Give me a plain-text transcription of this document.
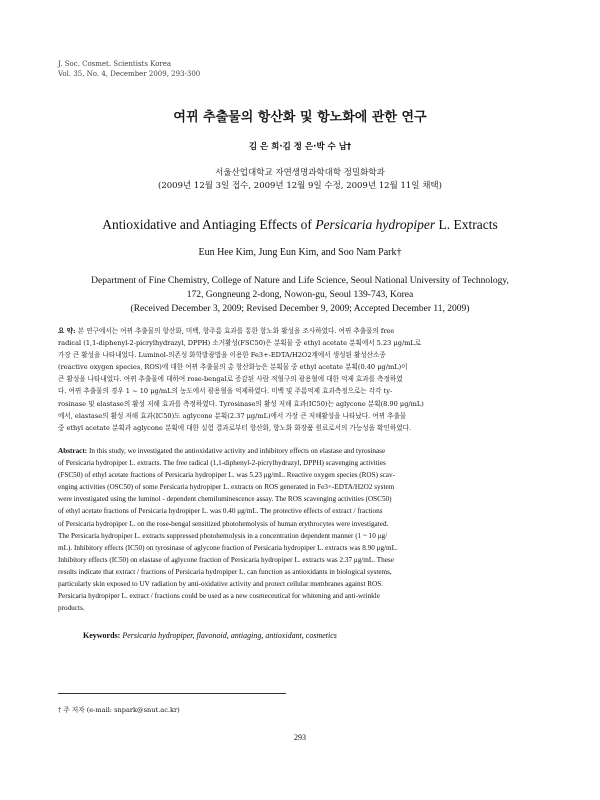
J. Soc. Cosmet. Scientists Korea
Vol. 35, No. 4, December 2009, 293-300
여뀌 추출물의 항산화 및 항노화에 관한 연구
김 은 희·김 정 은·박 수 남†
서울산업대학교 자연생명과학대학 정밀화학과
(2009년 12월 3일 접수, 2009년 12월 9일 수정, 2009년 12월 11일 채택)
Antioxidative and Antiaging Effects of Persicaria hydropiper L. Extracts
Eun Hee Kim, Jung Eun Kim, and Soo Nam Park†
Department of Fine Chemistry, College of Nature and Life Science, Seoul National University of Technology,
172, Gongneung 2-dong, Nowon-gu, Seoul 139-743, Korea
(Received December 3, 2009; Revised December 9, 2009; Accepted December 11, 2009)
요 약: 본 연구에서는 여뀌 추출물의 항산화, 미백, 항주름 효과를 통한 항노화 활성을 조사하였다. 여뀌 추출물의 free
radical (1,1-diphenyl-2-picrylhydrazyl, DPPH) 소거활성(FSC50)은 분획물 중 ethyl acetate 분획에서 5.23 μg/mL로
가장 큰 활성을 나타내었다. Luminol-의존성 화학발광법을 이용한 Fe3+-EDTA/H2O2계에서 생성된 활성산소종
(reactive oxygen species, ROS)에 대한 여뀌 추출물의 총 항산화능은 분획물 중 ethyl acetate 분획(0.40 μg/mL)이
큰 활성을 나타내었다. 여뀌 추출물에 대하여 rose-bengal로 증감된 사람 적혈구의 광용혈에 대한 억제 효과를 측정하였
다. 여뀌 추출물의 경우 1 ~ 10 μg/mL의 농도에서 광용혈을 억제하였다. 미백 및 주름억제 효과측정으로는 각각 ty-
rosinase 및 elastase의 활성 저해 효과를 측정하였다. Tyrosinase의 활성 저해 효과(IC50)는 aglycone 분획(8.90 μg/mL)
에서, elastase의 활성 저해 효과(IC50)도 aglycone 분획(2.37 μg/mL)에서 가장 큰 저해활성을 나타났다. 여뀌 추출물
중 ethyl acetate 분획과 aglycone 분획에 대한 실험 결과로부터 항산화, 항노화 화장품 원료로서의 가능성을 확인하였다.
Abstract: In this study, we investigated the antioxidative activity and inhibitory effects on elastase and tyrosinase
of Persicaria hydropiper L. extracts. The free radical (1,1-diphenyl-2-picrylhydrazyl, DPPH) scavenging activities
(FSC50) of ethyl acetate fractions of Persicaria hydropiper L. was 5.23 μg/mL. Reactive oxygen species (ROS) scav-
enging activities (OSC50) of some Persicaria hydropiper L. extracts on ROS generated in Fe3+-EDTA/H2O2 system
were investigated using the luminol - dependent chemiluminescence assay. The ROS scavenging activities (OSC50)
of ethyl acetate fractions of Persicaria hydropiper L. was 0.40 μg/mL. The protective effects of extract / fractions
of Persicaria hydropiper L. on the rose-bengal sensitized photohemolysis of human erythrocytes were investigated.
The Persicaria hydropiper L. extracts suppressed photohemolysis in a concentration dependent manner (1 ~ 10 μg/
mL). Inhibitory effects (IC50) on tyrosinase of aglycone fraction of Persicaria hydropiper L. extracts was 8.90 μg/mL.
Inhibitory effects (IC50) on elastase of aglycone fraction of Persicaria hydropiper L. extracts was 2.37 μg/mL. These
results indicate that extract / fractions of Persicaria hydropiper L. can function as antioxidants in biological systems,
particularly skin exposed to UV radiation by anti-oxidative activity and protect cellular membranes against ROS.
Persicaria hydropiper L. extract / fractions could be used as a new cosmeceutical for whitening and anti-wrinkle
products.
Keywords: Persicaria hydropiper, flavonoid, antiaging, antioxidant, cosmetics
† 주 저자 (e-mail: snpark@snut.ac.kr)
293
